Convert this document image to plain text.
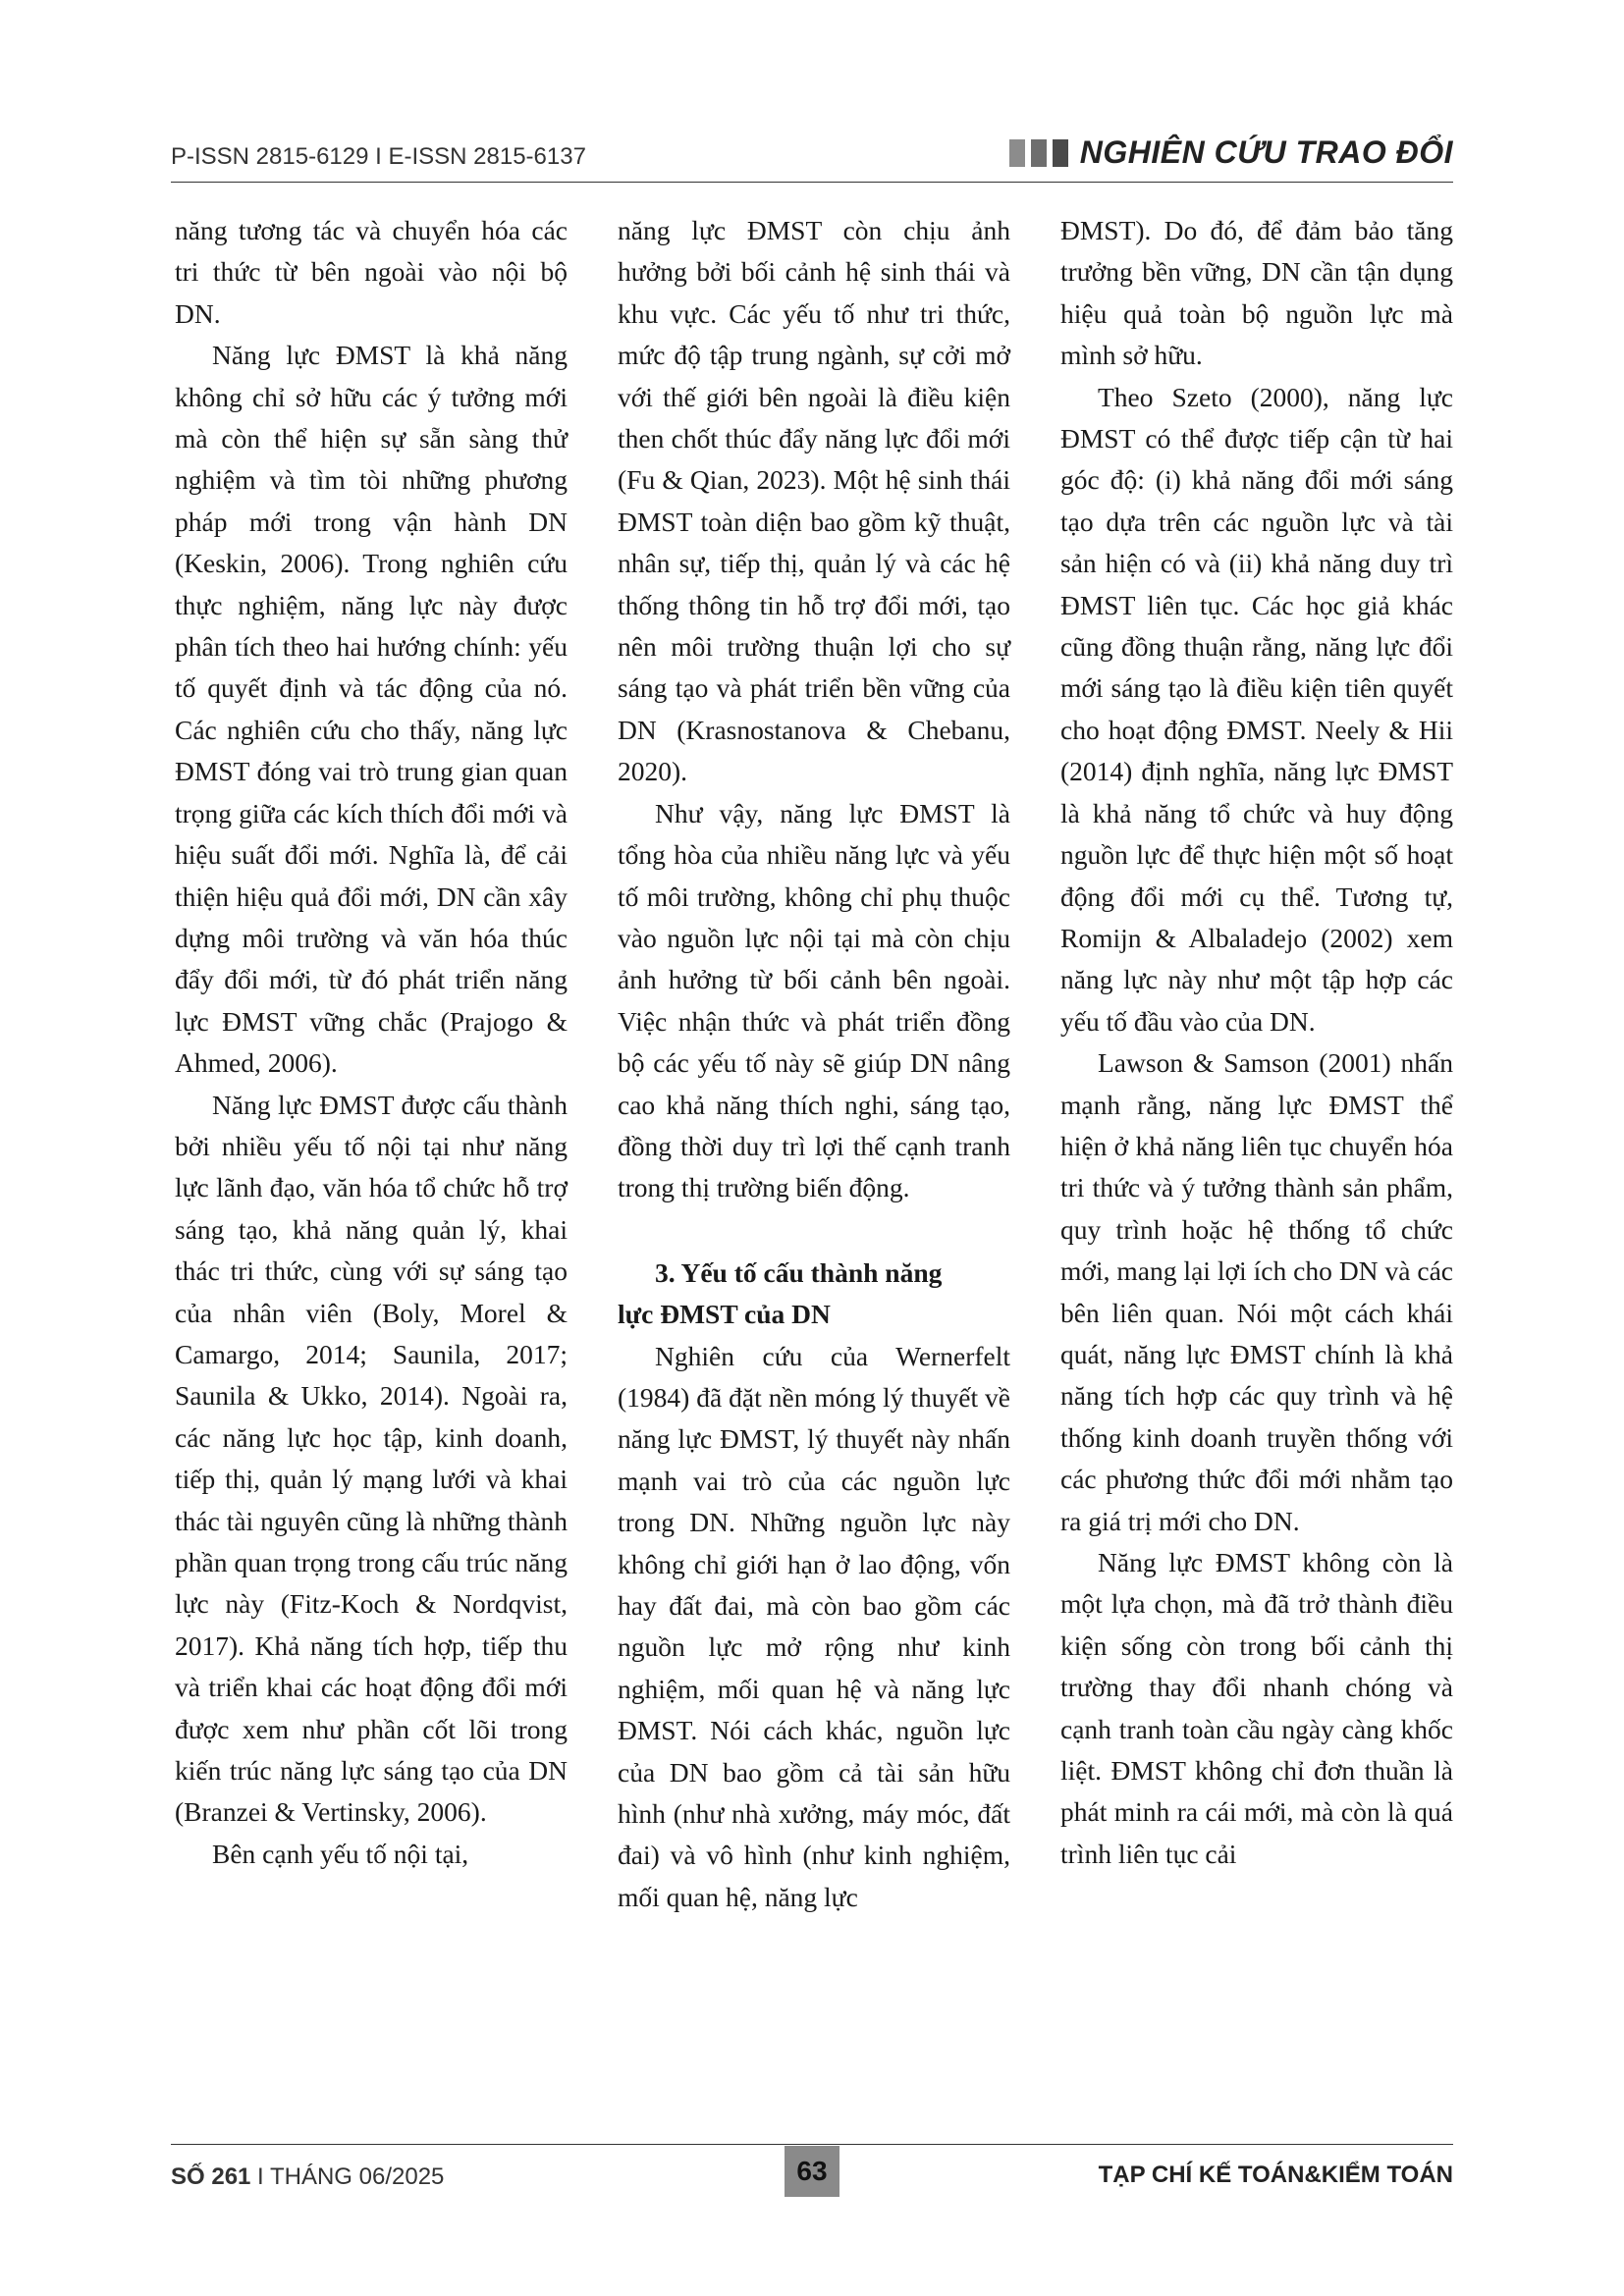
P-ISSN 2815-6129 I E-ISSN 2815-6137	NGHIÊN CỨU TRAO ĐỔI

năng tương tác và chuyển hóa các tri thức từ bên ngoài vào nội bộ DN.

Năng lực ĐMST là khả năng không chỉ sở hữu các ý tưởng mới mà còn thể hiện sự sẵn sàng thử nghiệm và tìm tòi những phương pháp mới trong vận hành DN (Keskin, 2006). Trong nghiên cứu thực nghiệm, năng lực này được phân tích theo hai hướng chính: yếu tố quyết định và tác động của nó. Các nghiên cứu cho thấy, năng lực ĐMST đóng vai trò trung gian quan trọng giữa các kích thích đổi mới và hiệu suất đổi mới. Nghĩa là, để cải thiện hiệu quả đổi mới, DN cần xây dựng môi trường và văn hóa thúc đẩy đổi mới, từ đó phát triển năng lực ĐMST vững chắc (Prajogo & Ahmed, 2006).

Năng lực ĐMST được cấu thành bởi nhiều yếu tố nội tại như năng lực lãnh đạo, văn hóa tổ chức hỗ trợ sáng tạo, khả năng quản lý, khai thác tri thức, cùng với sự sáng tạo của nhân viên (Boly, Morel & Camargo, 2014; Saunila, 2017; Saunila & Ukko, 2014). Ngoài ra, các năng lực học tập, kinh doanh, tiếp thị, quản lý mạng lưới và khai thác tài nguyên cũng là những thành phần quan trọng trong cấu trúc năng lực này (Fitz-Koch & Nordqvist, 2017). Khả năng tích hợp, tiếp thu và triển khai các hoạt động đổi mới được xem như phần cốt lõi trong kiến trúc năng lực sáng tạo của DN (Branzei & Vertinsky, 2006).

Bên cạnh yếu tố nội tại,

năng lực ĐMST còn chịu ảnh hưởng bởi bối cảnh hệ sinh thái và khu vực. Các yếu tố như tri thức, mức độ tập trung ngành, sự cởi mở với thế giới bên ngoài là điều kiện then chốt thúc đẩy năng lực đổi mới (Fu & Qian, 2023). Một hệ sinh thái ĐMST toàn diện bao gồm kỹ thuật, nhân sự, tiếp thị, quản lý và các hệ thống thông tin hỗ trợ đổi mới, tạo nên môi trường thuận lợi cho sự sáng tạo và phát triển bền vững của DN (Krasnostanova & Chebanu, 2020).

Như vậy, năng lực ĐMST là tổng hòa của nhiều năng lực và yếu tố môi trường, không chỉ phụ thuộc vào nguồn lực nội tại mà còn chịu ảnh hưởng từ bối cảnh bên ngoài. Việc nhận thức và phát triển đồng bộ các yếu tố này sẽ giúp DN nâng cao khả năng thích nghi, sáng tạo, đồng thời duy trì lợi thế cạnh tranh trong thị trường biến động.

3. Yếu tố cấu thành năng
lực ĐMST của DN

Nghiên cứu của Wernerfelt (1984) đã đặt nền móng lý thuyết về năng lực ĐMST, lý thuyết này nhấn mạnh vai trò của các nguồn lực trong DN. Những nguồn lực này không chỉ giới hạn ở lao động, vốn hay đất đai, mà còn bao gồm các nguồn lực mở rộng như kinh nghiệm, mối quan hệ và năng lực ĐMST. Nói cách khác, nguồn lực của DN bao gồm cả tài sản hữu hình (như nhà xưởng, máy móc, đất đai) và vô hình (như kinh nghiệm, mối quan hệ, năng lực

ĐMST). Do đó, để đảm bảo tăng trưởng bền vững, DN cần tận dụng hiệu quả toàn bộ nguồn lực mà mình sở hữu.

Theo Szeto (2000), năng lực ĐMST có thể được tiếp cận từ hai góc độ: (i) khả năng đổi mới sáng tạo dựa trên các nguồn lực và tài sản hiện có và (ii) khả năng duy trì ĐMST liên tục. Các học giả khác cũng đồng thuận rằng, năng lực đổi mới sáng tạo là điều kiện tiên quyết cho hoạt động ĐMST. Neely & Hii (2014) định nghĩa, năng lực ĐMST là khả năng tổ chức và huy động nguồn lực để thực hiện một số hoạt động đổi mới cụ thể. Tương tự, Romijn & Albaladejo (2002) xem năng lực này như một tập hợp các yếu tố đầu vào của DN.

Lawson & Samson (2001) nhấn mạnh rằng, năng lực ĐMST thể hiện ở khả năng liên tục chuyển hóa tri thức và ý tưởng thành sản phẩm, quy trình hoặc hệ thống tổ chức mới, mang lại lợi ích cho DN và các bên liên quan. Nói một cách khái quát, năng lực ĐMST chính là khả năng tích hợp các quy trình và hệ thống kinh doanh truyền thống với các phương thức đổi mới nhằm tạo ra giá trị mới cho DN.

Năng lực ĐMST không còn là một lựa chọn, mà đã trở thành điều kiện sống còn trong bối cảnh thị trường thay đổi nhanh chóng và cạnh tranh toàn cầu ngày càng khốc liệt. ĐMST không chỉ đơn thuần là phát minh ra cái mới, mà còn là quá trình liên tục cải

SỐ 261 I THÁNG 06/2025	63	TẠP CHÍ KẾ TOÁN&KIỂM TOÁN
